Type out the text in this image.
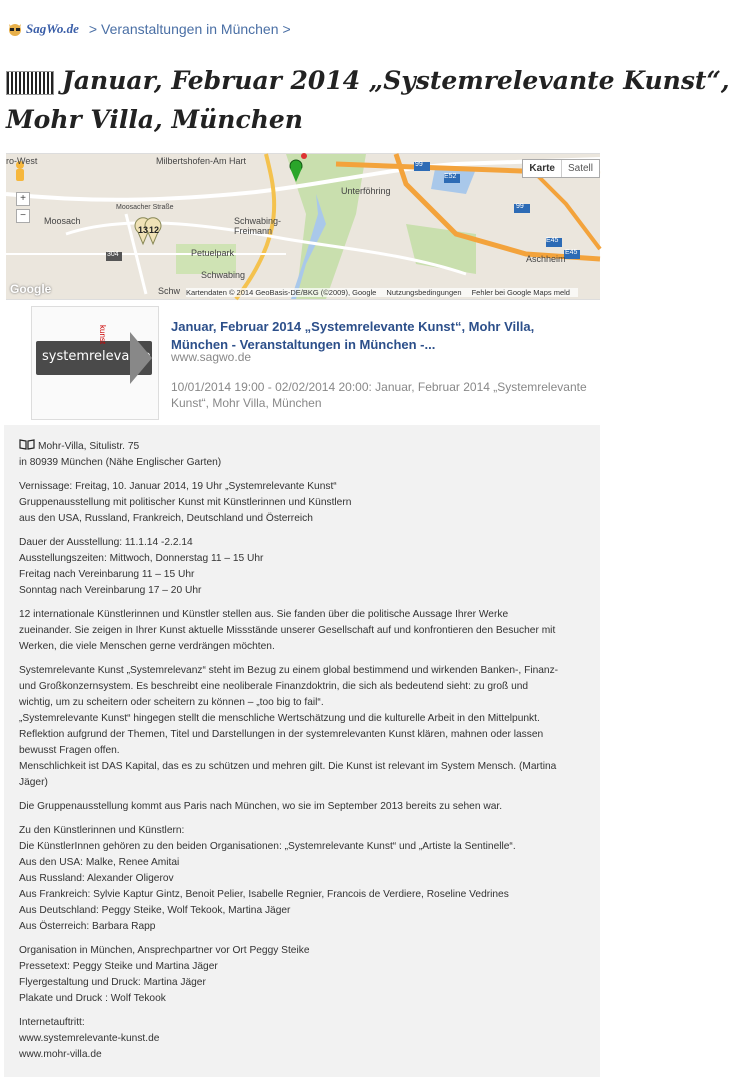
SagWo.de > Veranstaltungen in München >
Januar, Februar 2014 „Systemrelevante Kunst“,
Mohr Villa, München
ro-West	Milbertshofen-Am Hart
Unterföhring
Moosach
Moosacher Straße
Schwabing-Freimann
Petuelpark
Schwabing
Aschheim
Schw
99
E52
99
E45
304	E45
13 12
+
−
Karte	Satell
Google	Kartendaten © 2014 GeoBasis-DE/BKG (©2009), Google Nutzungsbedingungen Fehler bei Google Maps meld
systemrelevante
kunst	Januar, Februar 2014 „Systemrelevante Kunst“, Mohr Villa, München - Veranstaltungen in München -...
www.sagwo.de
10/01/2014 19:00 - 02/02/2014 20:00: Januar, Februar 2014 „Systemrelevante Kunst“, Mohr Villa, München
Mohr-Villa, Situlistr. 75
in 80939 München (Nähe Englischer Garten)
Vernissage: Freitag, 10. Januar 2014, 19 Uhr „Systemrelevante Kunst“
Gruppenausstellung mit politischer Kunst mit Künstlerinnen und Künstlern
aus den USA, Russland, Frankreich, Deutschland und Österreich
Dauer der Ausstellung: 11.1.14 -2.2.14
Ausstellungszeiten: Mittwoch, Donnerstag 11 – 15 Uhr
Freitag nach Vereinbarung 11 – 15 Uhr
Sonntag nach Vereinbarung 17 – 20 Uhr
12 internationale Künstlerinnen und Künstler stellen aus. Sie fanden über die politische Aussage Ihrer Werke
zueinander. Sie zeigen in Ihrer Kunst aktuelle Missstände unserer Gesellschaft auf und konfrontieren den Besucher mit
Werken, die viele Menschen gerne verdrängen möchten.
Systemrelevante Kunst „Systemrelevanz“ steht im Bezug zu einem global bestimmend und wirkenden Banken-, Finanz-
und Großkonzernsystem. Es beschreibt eine neoliberale Finanzdoktrin, die sich als bedeutend sieht: zu groß und
wichtig, um zu scheitern oder scheitern zu können – „too big to fail“.
„Systemrelevante Kunst“ hingegen stellt die menschliche Wertschätzung und die kulturelle Arbeit in den Mittelpunkt.
Reflektion aufgrund der Themen, Titel und Darstellungen in der systemrelevanten Kunst klären, mahnen oder lassen
bewusst Fragen offen.
Menschlichkeit ist DAS Kapital, das es zu schützen und mehren gilt. Die Kunst ist relevant im System Mensch. (Martina
Jäger)
Die Gruppenausstellung kommt aus Paris nach München, wo sie im September 2013 bereits zu sehen war.
Zu den Künstlerinnen und Künstlern:
Die KünstlerInnen gehören zu den beiden Organisationen: „Systemrelevante Kunst“ und „Artiste la Sentinelle“.
Aus den USA: Malke, Renee Amitai
Aus Russland: Alexander Oligerov
Aus Frankreich: Sylvie Kaptur Gintz, Benoit Pelier, Isabelle Regnier, Francois de Verdiere, Roseline Vedrines
Aus Deutschland: Peggy Steike, Wolf Tekook, Martina Jäger
Aus Österreich: Barbara Rapp
Organisation in München, Ansprechpartner vor Ort Peggy Steike
Pressetext: Peggy Steike und Martina Jäger
Flyergestaltung und Druck: Martina Jäger
Plakate und Druck : Wolf Tekook
Internetauftritt:
www.systemrelevante-kunst.de
www.mohr-villa.de
